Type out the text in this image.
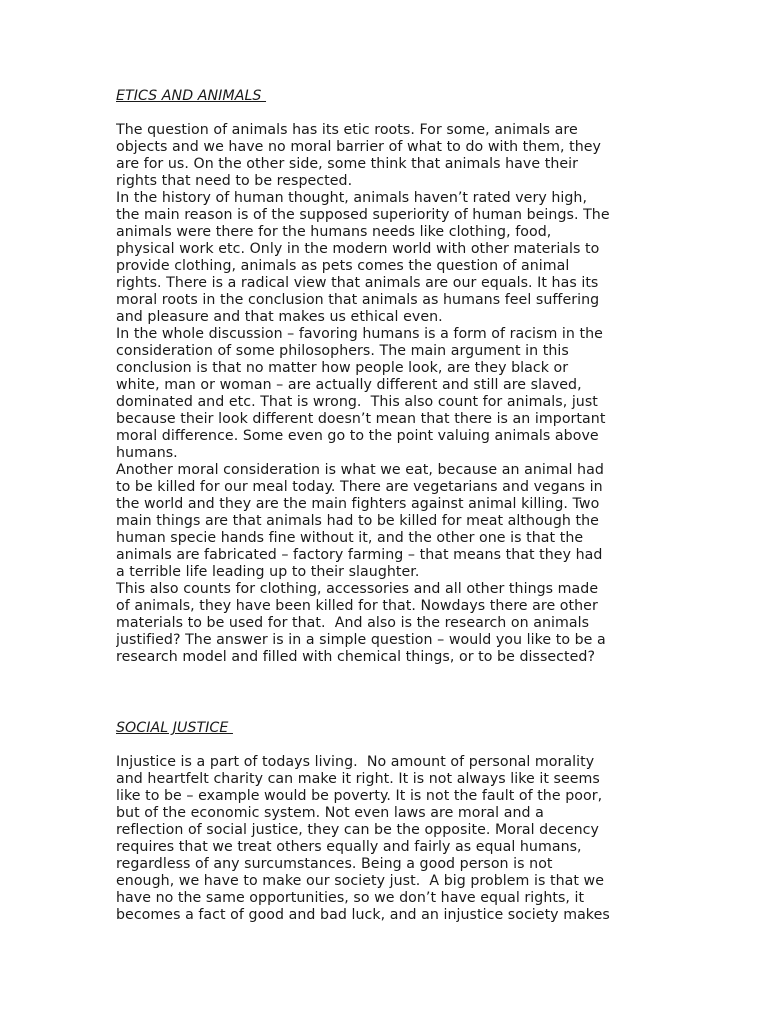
ETICS AND ANIMALS
The question of animals has its etic roots. For some, animals are
objects and we have no moral barrier of what to do with them, they
are for us. On the other side, some think that animals have their
rights that need to be respected.
In the history of human thought, animals haven’t rated very high,
the main reason is of the supposed superiority of human beings. The
animals were there for the humans needs like clothing, food,
physical work etc. Only in the modern world with other materials to
provide clothing, animals as pets comes the question of animal
rights. There is a radical view that animals are our equals. It has its
moral roots in the conclusion that animals as humans feel suffering
and pleasure and that makes us ethical even.
In the whole discussion – favoring humans is a form of racism in the
consideration of some philosophers. The main argument in this
conclusion is that no matter how people look, are they black or
white, man or woman – are actually different and still are slaved,
dominated and etc. That is wrong.  This also count for animals, just
because their look different doesn’t mean that there is an important
moral difference. Some even go to the point valuing animals above
humans.
Another moral consideration is what we eat, because an animal had
to be killed for our meal today. There are vegetarians and vegans in
the world and they are the main fighters against animal killing. Two
main things are that animals had to be killed for meat although the
human specie hands fine without it, and the other one is that the
animals are fabricated – factory farming – that means that they had
a terrible life leading up to their slaughter.
This also counts for clothing, accessories and all other things made
of animals, they have been killed for that. Nowdays there are other
materials to be used for that.  And also is the research on animals
justified? The answer is in a simple question – would you like to be a
research model and filled with chemical things, or to be dissected?
SOCIAL JUSTICE
Injustice is a part of todays living.  No amount of personal morality
and heartfelt charity can make it right. It is not always like it seems
like to be – example would be poverty. It is not the fault of the poor,
but of the economic system. Not even laws are moral and a
reflection of social justice, they can be the opposite. Moral decency
requires that we treat others equally and fairly as equal humans,
regardless of any surcumstances. Being a good person is not
enough, we have to make our society just.  A big problem is that we
have no the same opportunities, so we don’t have equal rights, it
becomes a fact of good and bad luck, and an injustice society makes
